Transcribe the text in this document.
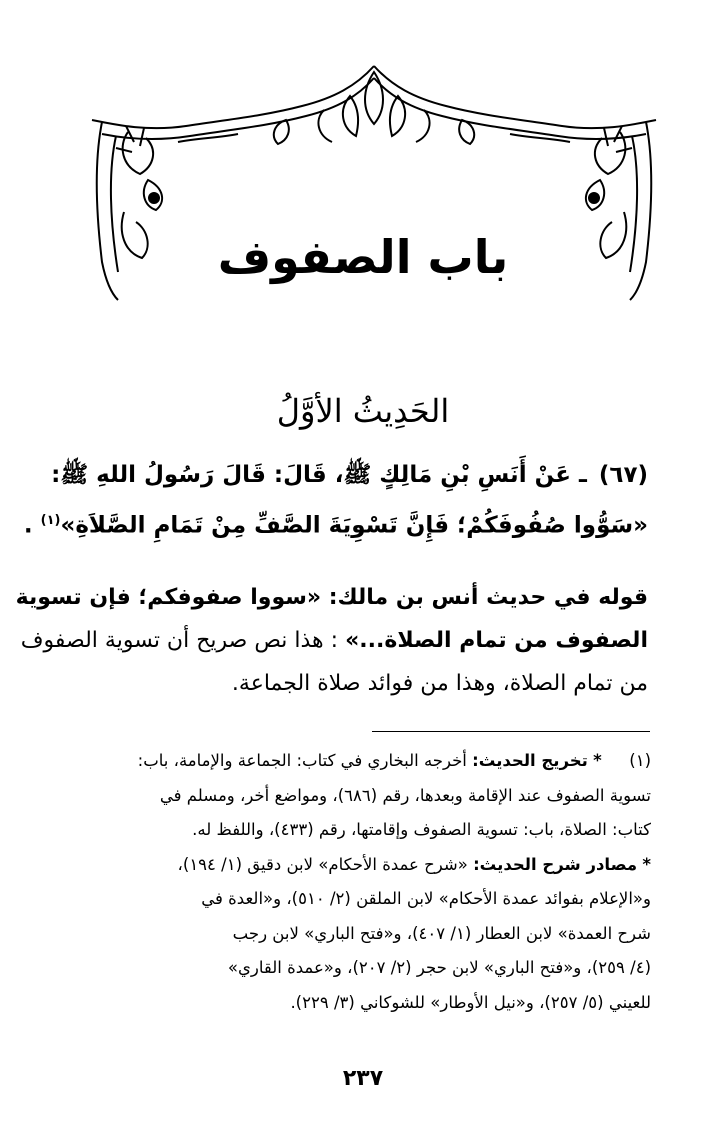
باب الصفوف
الحَدِيثُ الأوَّلُ
(٦٧) ـ عَنْ أَنَسِ بْنِ مَالِكٍ ﷺ، قَالَ: قَالَ رَسُولُ اللهِ ﷺ:
«سَوُّوا صُفُوفَكُمْ؛ فَإِنَّ تَسْوِيَةَ الصَّفِّ مِنْ تَمَامِ الصَّلاَةِ»$^{(١)}$ .
قوله في حديث أنس بن مالك: «سووا صفوفكم؛ فإن تسوية
الصفوف من تمام الصلاة...» : هذا نص صريح أن تسوية الصفوف
من تمام الصلاة، وهذا من فوائد صلاة الجماعة.
(١) * تخريج الحديث: أخرجه البخاري في كتاب: الجماعة والإمامة، باب:
تسوية الصفوف عند الإقامة وبعدها، رقم (٦٨٦)، ومواضع أخر، ومسلم في
كتاب: الصلاة، باب: تسوية الصفوف وإقامتها، رقم (٤٣٣)، واللفظ له.
* مصادر شرح الحديث: «شرح عمدة الأحكام» لابن دقيق (١/ ١٩٤)،
و«الإعلام بفوائد عمدة الأحكام» لابن الملقن (٢/ ٥١٠)، و«العدة في
شرح العمدة» لابن العطار (١/ ٤٠٧)، و«فتح الباري» لابن رجب
(٤/ ٢٥٩)، و«فتح الباري» لابن حجر (٢/ ٢٠٧)، و«عمدة القاري»
للعيني (٥/ ٢٥٧)، و«نيل الأوطار» للشوكاني (٣/ ٢٢٩).
٢٣٧
